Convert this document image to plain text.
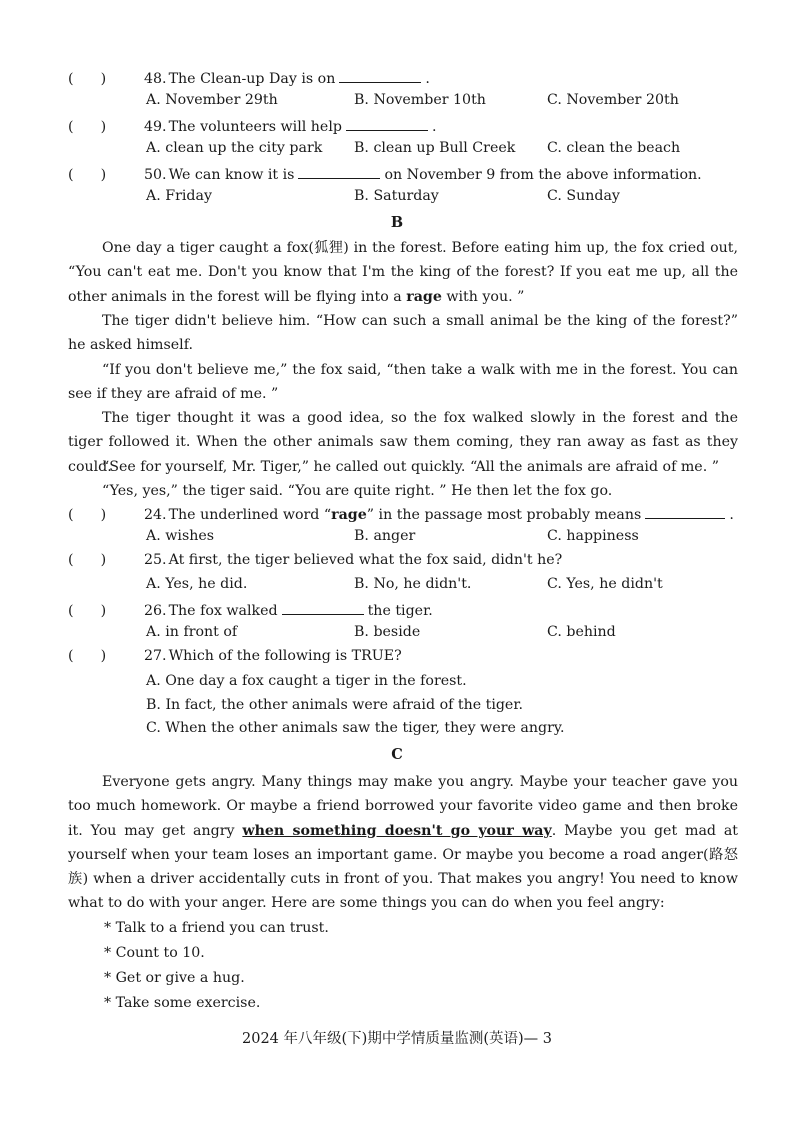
(      )	48. The Clean-up Day is on	.
A. November 29th	B. November 10th	C. November 20th
(      )	49. The volunteers will help	.
A. clean up the city park	B. clean up Bull Creek	C. clean the beach
(      )	50. We can know it is	on November 9 from the above information.
A. Friday	B. Saturday	C. Sunday
B
One day a tiger caught a fox(狐狸) in the forest. Before eating him up, the fox cried out, “You can't eat me. Don't you know that I'm the king of the forest? If you eat me up, all the other animals in the forest will be flying into a rage with you. ”
The tiger didn't believe him. “How can such a small animal be the king of the forest?” he asked himself.
“If you don't believe me,” the fox said, “then take a walk with me in the forest. You can see if they are afraid of me. ”
The tiger thought it was a good idea, so the fox walked slowly in the forest and the tiger followed it. When the other animals saw them coming, they ran away as fast as they could.
“See for yourself, Mr. Tiger,” he called out quickly. “All the animals are afraid of me. ”
“Yes, yes,” the tiger said. “You are quite right. ” He then let the fox go.
(      )	24. The underlined word “ rage ” in the passage most probably means	.
A. wishes	B. anger	C. happiness
(      )	25. At first, the tiger believed what the fox said, didn't he?
A. Yes, he did.	B. No, he didn't.	C. Yes, he didn't
(      )	26. The fox walked	the tiger.
A. in front of	B. beside	C. behind
(      )	27. Which of the following is TRUE?
A. One day a fox caught a tiger in the forest.
B. In fact, the other animals were afraid of the tiger.
C. When the other animals saw the tiger, they were angry.
C
Everyone gets angry. Many things may make you angry. Maybe your teacher gave you too much homework. Or maybe a friend borrowed your favorite video game and then broke it. You may get angry when something doesn't go your way. Maybe you get mad at yourself when your team loses an important game. Or maybe you become a road anger(路怒族) when a driver accidentally cuts in front of you. That makes you angry! You need to know what to do with your anger. Here are some things you can do when you feel angry:
* Talk to a friend you can trust.
* Count to 10.
* Get or give a hug.
* Take some exercise.
2024 年八年级(下)期中学情质量监测(英语)— 3
